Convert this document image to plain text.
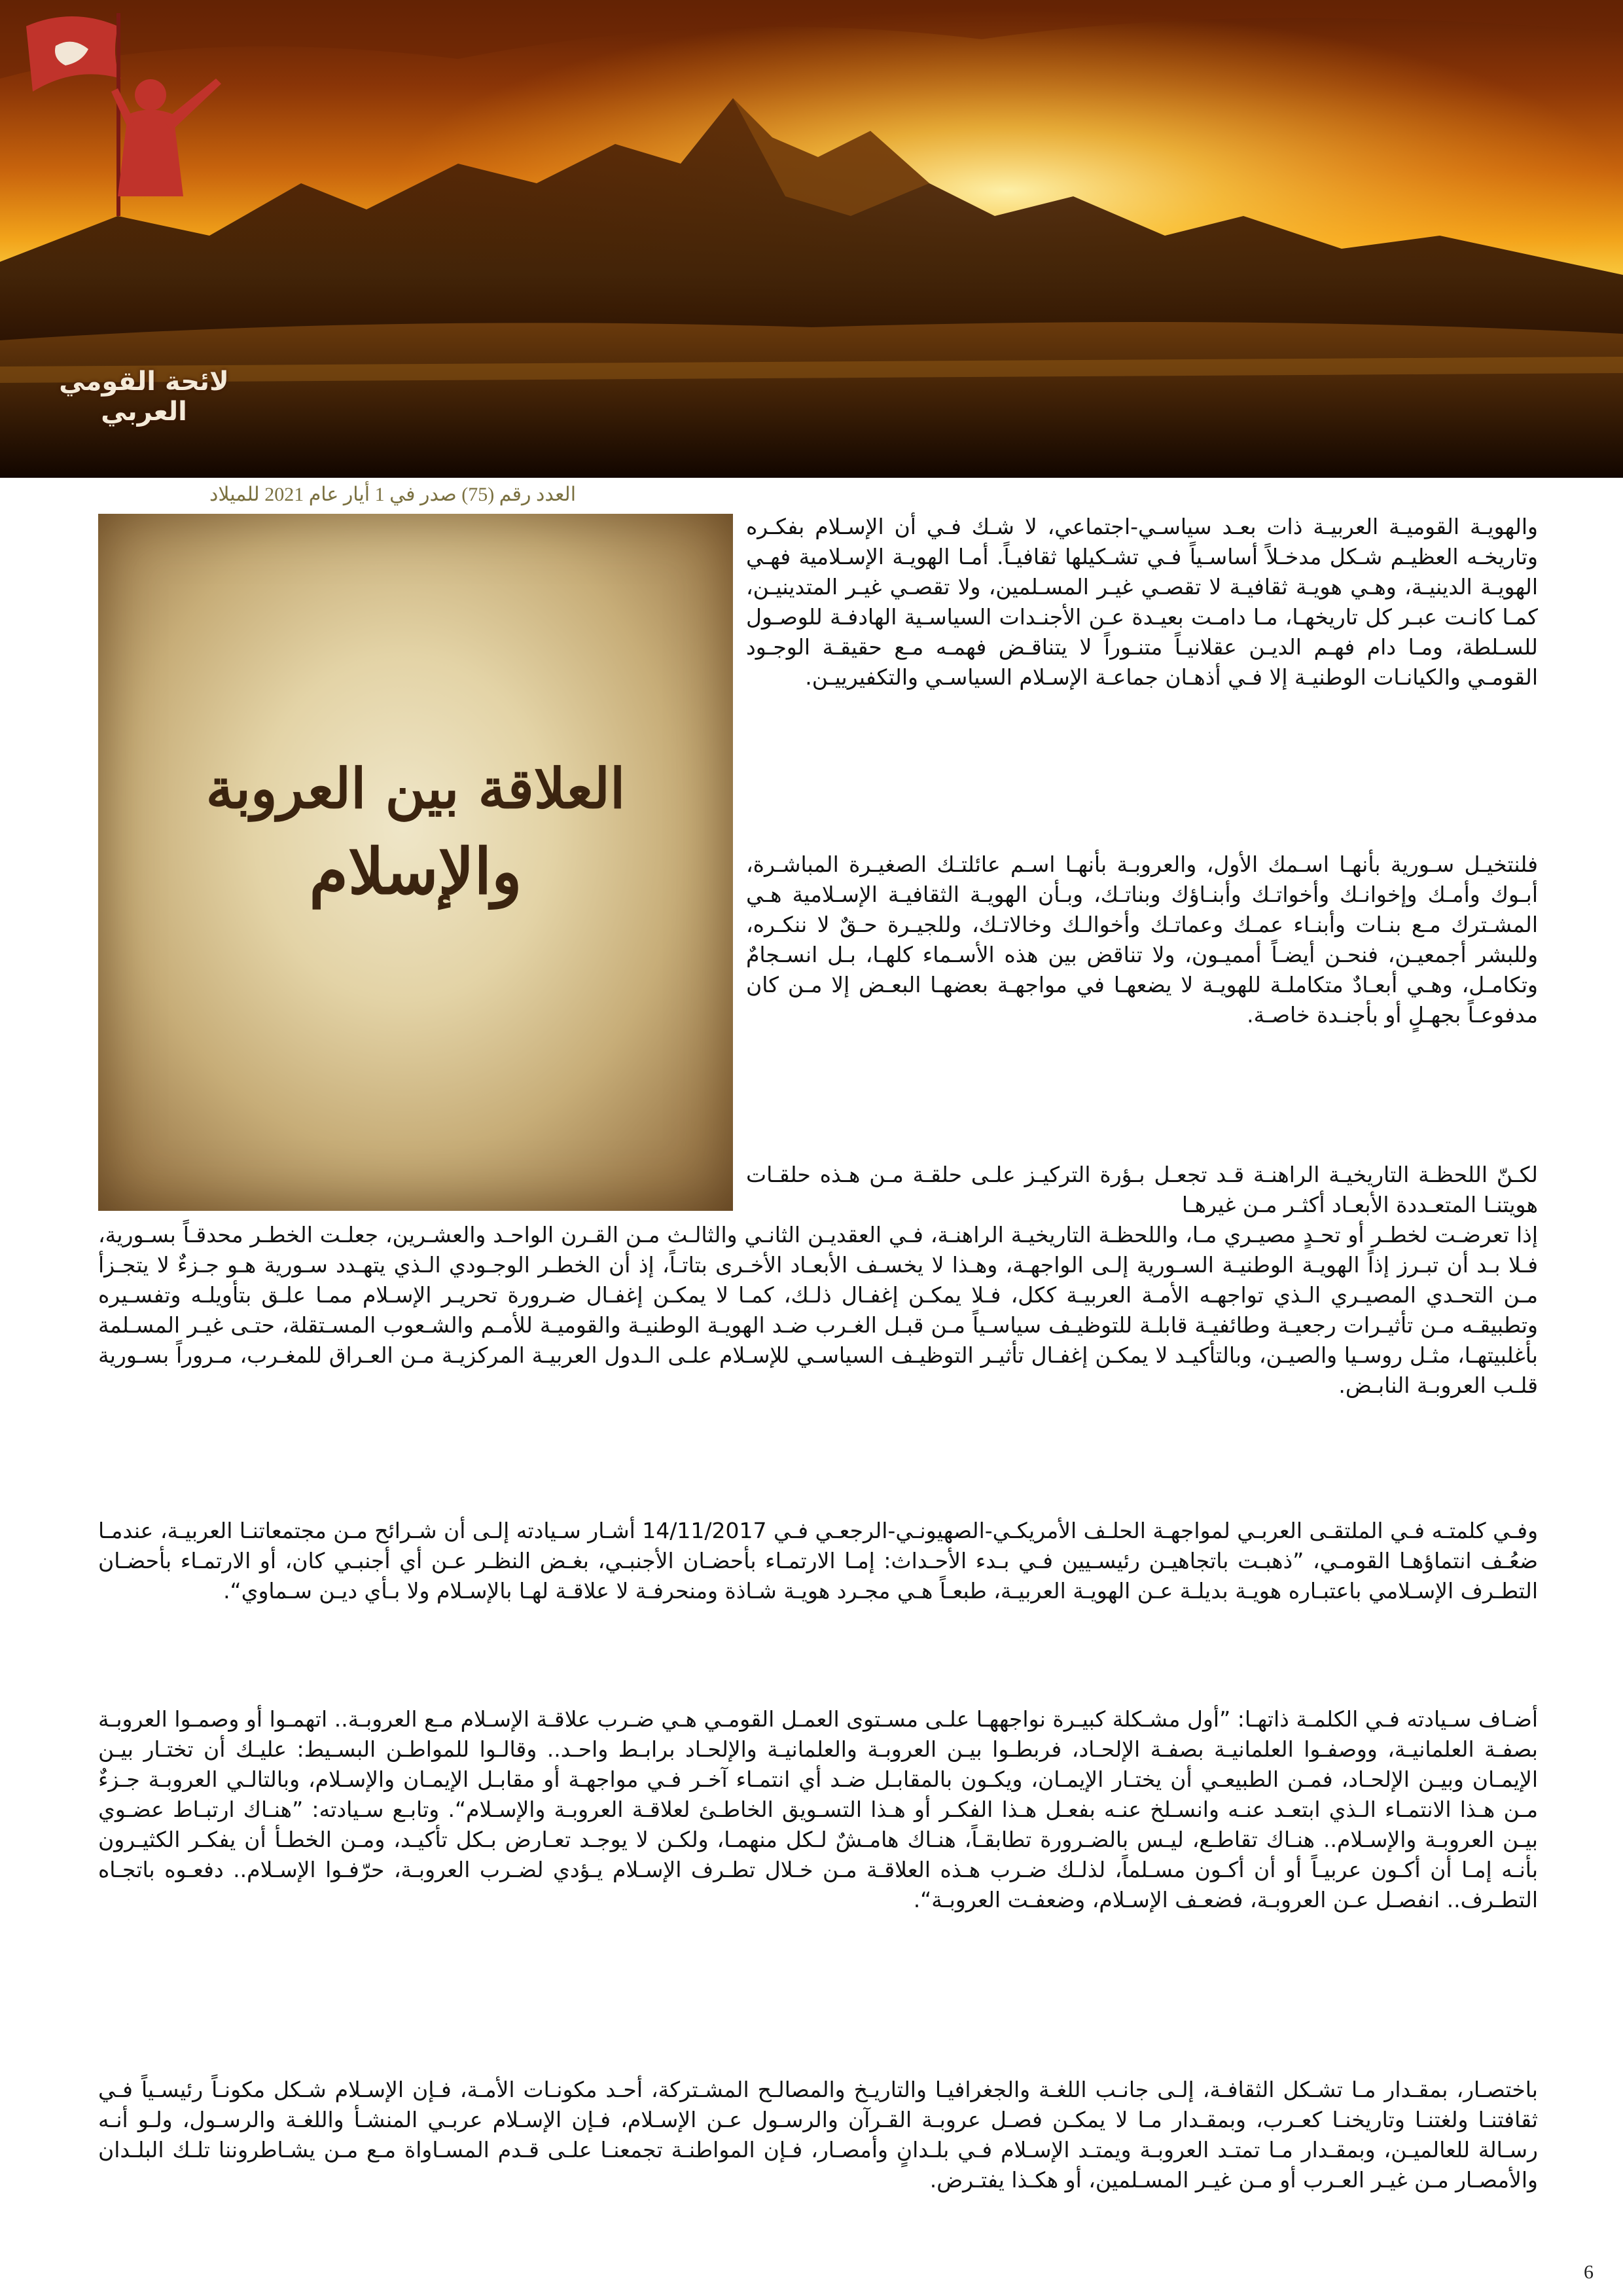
لائحة القومي العربي
العدد رقم (75) صدر في 1 أيار عام 2021 للميلاد
العلاقة بين العروبة
والإسلام

والهويـة القوميـة العربيـة ذات بعـد سياسـي-اجتماعي، لا شـك فـي أن الإسـلام بفكـره وتاريخـه العظيـم شـكل مدخـلاً أساسـياً فـي تشـكيلها ثقافيـاً. أمـا الهويـة الإسـلامية فهـي الهويـة الدينيـة، وهـي هويـة ثقافيـة لا تقصـي غيـر المسـلمين، ولا تقصـي غيـر المتدينيـن، كمـا كانـت عبـر كل تاريخهـا، مـا دامـت بعيـدة عـن الأجنـدات السياسـية الهادفـة للوصـول للسـلطة، ومـا دام فهـم الديـن عقلانيـاً متنـوراً لا يتناقـض فهمـه مـع حقيقـة الوجـود القومـي والكيانـات الوطنيـة إلا فـي أذهـان جماعـة الإسـلام السياسـي والتكفيرييـن.

فلنتخيـل سـورية بأنهـا اسـمك الأول، والعروبـة بأنهـا اسـم عائلتـك الصغيـرة المباشـرة، أبـوك وأمـك وإخوانـك وأخواتـك وأبنـاؤك وبناتـك، وبـأن الهويـة الثقافيـة الإسـلامية هـي المشـترك مـع بنـات وأبنـاء عمـك وعماتـك وأخوالـك وخالاتـك، وللجيـرة حـقٌ لا ننكـره، وللبشر أجمعيـن، فنحـن أيضـاً أمميـون، ولا تناقض بين هذه الأسـماء كلهـا، بـل انسـجامٌ وتكامـل، وهـي أبعـادٌ متكاملـة للهويـة لا يضعهـا في مواجهـة بعضهـا البعـض إلا مـن كان مدفوعـاً بجهـلٍ أو بأجنـدة خاصـة.

لكـنّ اللحظـة التاريخيـة الراهنـة قـد تجعـل بـؤرة التركيـز علـى حلقـة مـن هـذه حلقـات هويتنـا المتعـددة الأبعـاد أكثـر مـن غيرهـا

إذا تعرضـت لخطـر أو تحـدٍ مصيـري مـا، واللحظـة التاريخيـة الراهنـة، فـي العقديـن الثانـي والثالـث مـن القـرن الواحـد والعشـرين، جعلـت الخطـر محدقـاً بسـورية، فـلا بـد أن تبـرز إذاً الهويـة الوطنيـة السـورية إلـى الواجهـة، وهـذا لا يخسـف الأبعـاد الأخـرى بتاتـاً، إذ أن الخطـر الوجـودي الـذي يتهـدد سـورية هـو جـزءٌ لا يتجـزأ مـن التحـدي المصيـري الـذي تواجهـه الأمـة العربيـة ككل، فـلا يمكـن إغفـال ذلـك، كمـا لا يمكـن إغفـال ضـرورة تحريـر الإسـلام ممـا علـق بتأويلـه وتفسـيره وتطبيقـه مـن تأثيـرات رجعيـة وطائفيـة قابلـة للتوظيـف سياسـياً مـن قبـل الغـرب ضـد الهويـة الوطنيـة والقوميـة للأمـم والشـعوب المسـتقلة، حتـى غيـر المسـلمة بأغلبيتهـا، مثـل روسـيا والصيـن، وبالتأكيـد لا يمكـن إغفـال تأثيـر التوظيـف السياسـي للإسـلام علـى الـدول العربيـة المركزيـة مـن العـراق للمغـرب، مـروراً بسـورية قلـب العروبـة النابـض.

وفـي كلمتـه فـي الملتقـى العربـي لمواجهـة الحلـف الأمريكـي-الصهيونـي-الرجعـي فـي 14/11/2017 أشـار سـيادته إلـى أن شـرائح مـن مجتمعاتنـا العربيـة، عندمـا ضعُـف انتماؤهـا القومـي، ”ذهبـت باتجاهيـن رئيسـيين فـي بـدء الأحـداث: إمـا الارتمـاء بأحضـان الأجنبـي، بغـض النظـر عـن أي أجنبـي كان، أو الارتمـاء بأحضـان التطـرف الإسـلامي باعتبـاره هويـة بديلـة عـن الهويـة العربيـة، طبعـاً هـي مجـرد هويـة شـاذة ومنحرفـة لا علاقـة لهـا بالإسـلام ولا بـأي ديـن سـماوي“.

أضـاف سـيادته فـي الكلمـة ذاتهـا: ”أول مشـكلة كبيـرة نواجههـا علـى مسـتوى العمـل القومـي هـي ضـرب علاقـة الإسـلام مـع العروبـة.. اتهمـوا أو وصمـوا العروبـة بصفـة العلمانيـة، ووصفـوا العلمانيـة بصفـة الإلحـاد، فربطـوا بيـن العروبـة والعلمانيـة والإلحـاد برابـط واحـد.. وقالـوا للمواطـن البسـيط: عليـك أن تختـار بيـن الإيمـان وبيـن الإلحـاد، فمـن الطبيعـي أن يختـار الإيمـان، ويكـون بالمقابـل ضـد أي انتمـاء آخـر فـي مواجهـة أو مقابـل الإيمـان والإسـلام، وبالتالـي العروبـة جـزءٌ مـن هـذا الانتمـاء الـذي ابتعـد عنـه وانسـلخ عنـه بفعـل هـذا الفكـر أو هـذا التسـويق الخاطـئ لعلاقـة العروبـة والإسـلام“. وتابـع سـيادته: ”هنـاك ارتبـاط عضـوي بيـن العروبـة والإسـلام.. هنـاك تقاطـع، ليـس بالضـرورة تطابقـاً، هنـاك هامـشٌ لـكل منهمـا، ولكـن لا يوجـد تعـارض بـكل تأكيـد، ومـن الخطـأ أن يفكـر الكثيـرون بأنـه إمـا أن أكـون عربيـاً أو أن أكـون مسـلماً، لذلـك ضـرب هـذه العلاقـة مـن خـلال تطـرف الإسـلام يـؤدي لضـرب العروبـة، حرّفـوا الإسـلام.. دفعـوه باتجـاه التطـرف.. انفصـل عـن العروبـة، فضعـف الإسـلام، وضعفـت العروبـة“.

باختصـار، بمقـدار مـا تشـكل الثقافـة، إلـى جانـب اللغـة والجغرافيـا والتاريـخ والمصالـح المشـتركة، أحـد مكونـات الأمـة، فـإن الإسـلام شـكل مكونـاً رئيسـياً فـي ثقافتنـا ولغتنـا وتاريخنـا كعـرب، وبمقـدار مـا لا يمكـن فصـل عروبـة القـرآن والرسـول عـن الإسـلام، فـإن الإسـلام عربـي المنشـأ واللغـة والرسـول، ولـو أنـه رسـالة للعالميـن، وبمقـدار مـا تمتـد العروبـة ويمتـد الإسـلام فـي بلـدانٍ وأمصـار، فـإن المواطنـة تجمعنـا علـى قـدم المسـاواة مـع مـن يشـاطروننا تلـك البلـدان والأمصـار مـن غيـر العـرب أو مـن غيـر المسـلمين، أو هكـذا يفتـرض.

6
